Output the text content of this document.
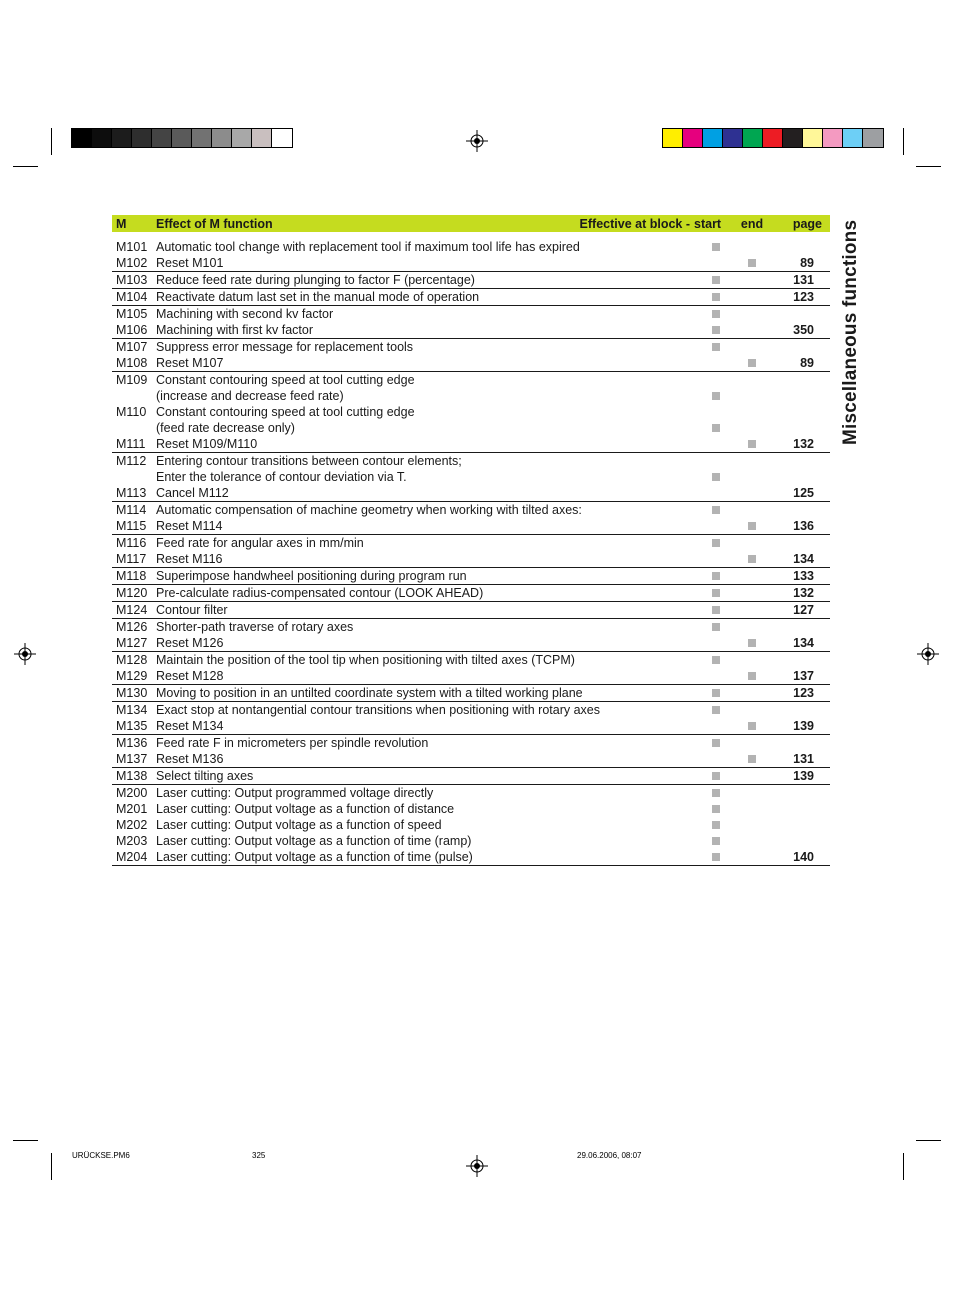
Miscellaneous functions
M	Effect of M function Effective at block -	start	end	page
M101	Automatic tool change with replacement tool if maximum tool life has expired			
M102	Reset M101			89
M103	Reduce feed rate during plunging to factor F (percentage)			131
M104	Reactivate datum last set in the manual mode of operation			123
M105	Machining with second kv factor			
M106	Machining with first kv factor			350
M107	Suppress error message for replacement tools			
M108	Reset M107			89
M109	Constant contouring speed at tool cutting edge			
	(increase and decrease feed rate)			
M110	Constant contouring speed at tool cutting edge			
	(feed rate decrease only)			
M111	Reset M109/M110			132
M112	Entering contour transitions between contour elements;			
	Enter the tolerance of contour deviation via T.			
M113	Cancel M112			125
M114	Automatic compensation of machine geometry when working with tilted axes:			
M115	Reset M114			136
M116	Feed rate for angular axes in mm/min			
M117	Reset M116			134
M118	Superimpose handwheel positioning during program run			133
M120	Pre-calculate radius-compensated contour (LOOK AHEAD)			132
M124	Contour filter			127
M126	Shorter-path traverse of rotary axes			
M127	Reset M126			134
M128	Maintain the position of the tool tip when positioning with tilted axes (TCPM)			
M129	Reset M128			137
M130	Moving to position in an untilted coordinate system with a tilted working plane			123
M134	Exact stop at nontangential contour transitions when positioning with rotary axes			
M135	Reset M134			139
M136	Feed rate F in micrometers per spindle revolution			
M137	Reset M136			131
M138	Select tilting axes			139
M200	Laser cutting: Output programmed voltage directly			
M201	Laser cutting: Output voltage as a function of distance			
M202	Laser cutting: Output voltage as a function of speed			
M203	Laser cutting: Output voltage as a function of time (ramp)			
M204	Laser cutting: Output voltage as a function of time (pulse)			140
URÜCKSE.PM6	325	29.06.2006, 08:07
